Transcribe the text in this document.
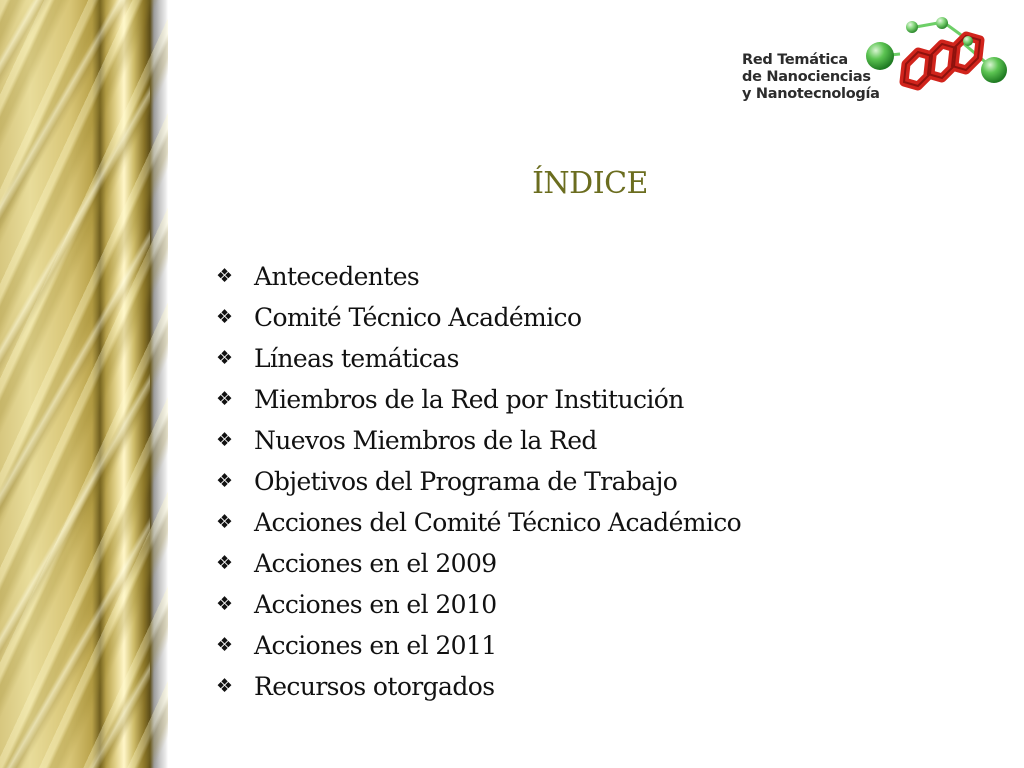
Red Temática
de Nanociencias
y Nanotecnología
ÍNDICE
❖ Antecedentes
❖ Comité Técnico Académico
❖ Líneas temáticas
❖ Miembros de la Red por Institución
❖ Nuevos Miembros de la Red
❖ Objetivos del Programa de Trabajo
❖ Acciones del Comité Técnico Académico
❖ Acciones en el 2009
❖ Acciones en el 2010
❖ Acciones en el 2011
❖ Recursos otorgados
